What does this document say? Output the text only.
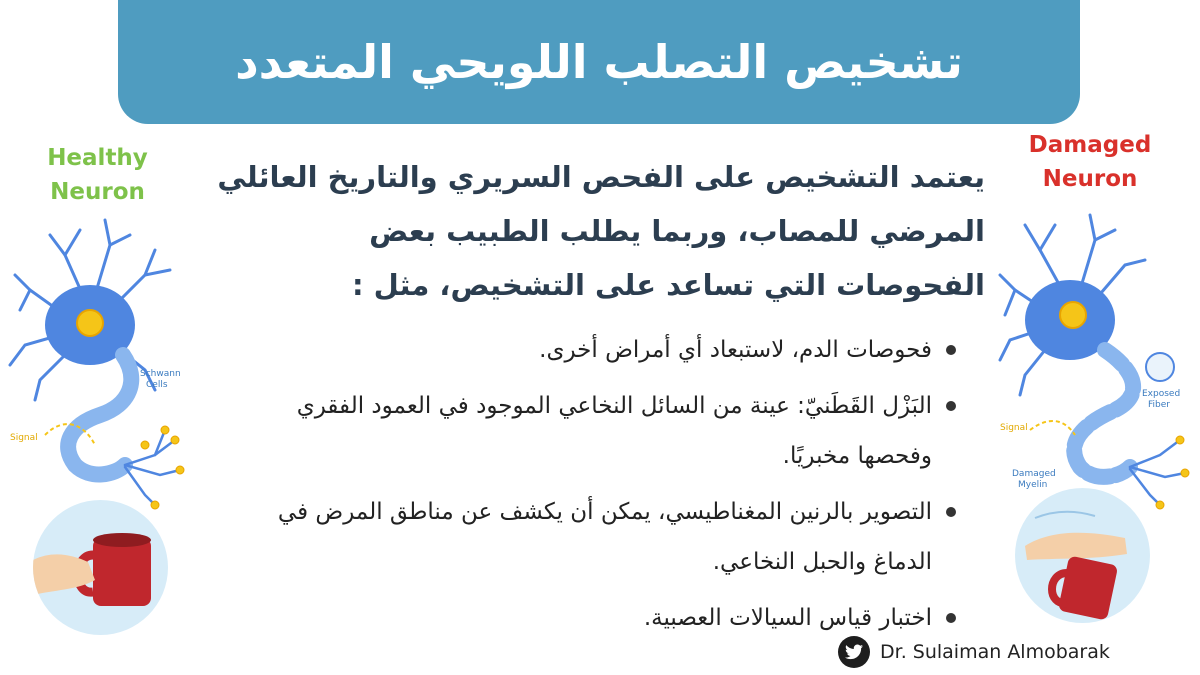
تشخيص التصلب اللويحي المتعدد
Healthy
Neuron
Schwann
Cells
Signal
Damaged
Neuron
Exposed
Fiber
Signal
Damaged
Myelin
يعتمد التشخيص على الفحص السريري والتاريخ العائلي المرضي للمصاب، وربما يطلب الطبيب بعض الفحوصات التي تساعد على التشخيص، مثل :
فحوصات الدم، لاستبعاد أي أمراض أخرى.
البَزْل القَطَنيّ: عينة من السائل النخاعي الموجود في العمود الفقري وفحصها مخبريًا.
التصوير بالرنين المغناطيسي، يمكن أن يكشف عن مناطق المرض في الدماغ والحبل النخاعي.
اختبار قياس السيالات العصبية.
Dr. Sulaiman Almobarak
